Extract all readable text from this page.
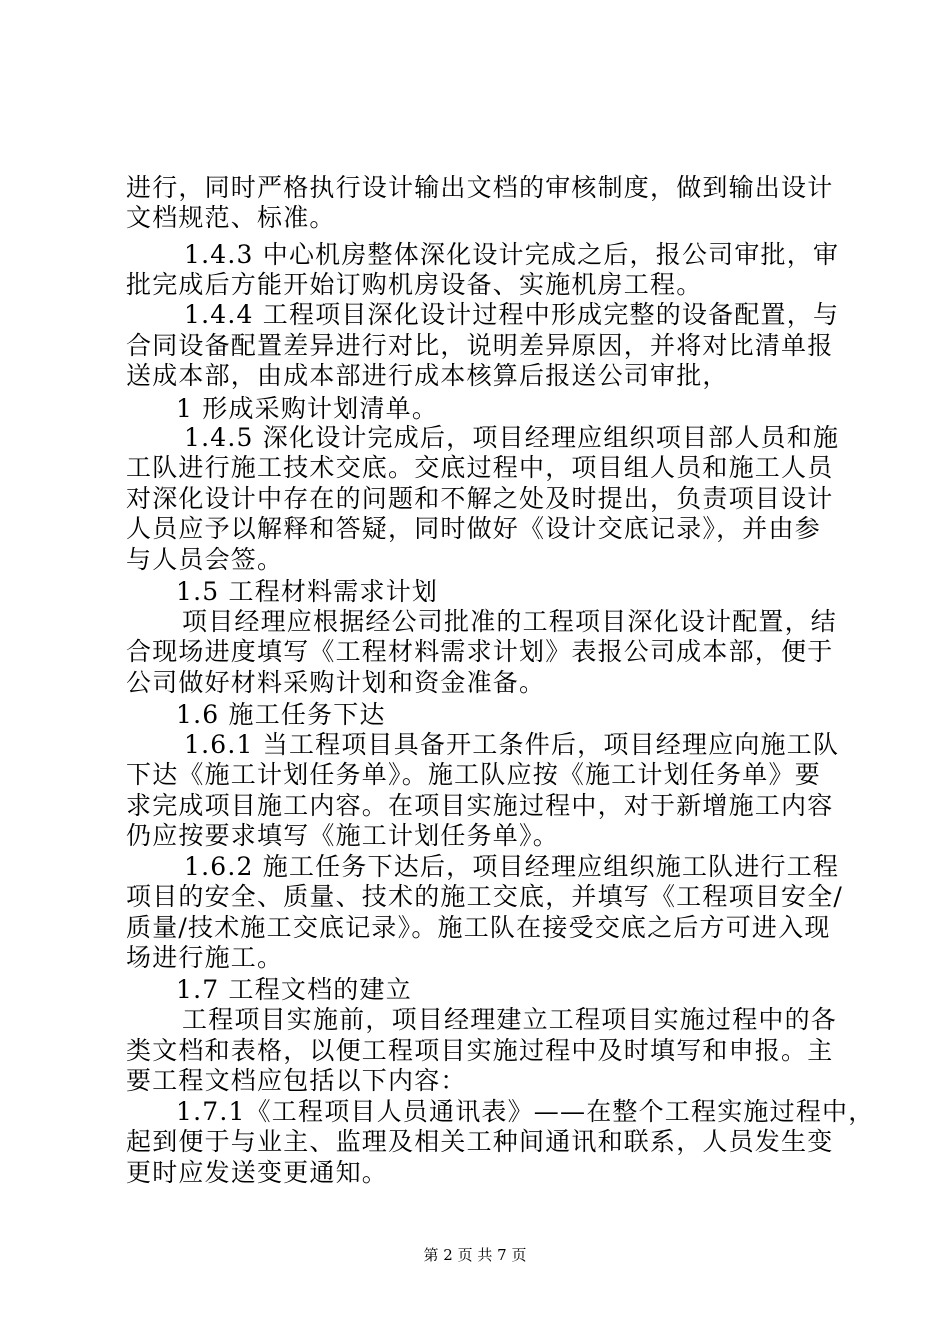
进行，同时严格执行设计输出文档的审核制度，做到输出设计
文档规范、标准。
1.4.3 中心机房整体深化设计完成之后，报公司审批，审
批完成后方能开始订购机房设备、实施机房工程。
1.4.4 工程项目深化设计过程中形成完整的设备配置，与
合同设备配置差异进行对比，说明差异原因，并将对比清单报
送成本部，由成本部进行成本核算后报送公司审批，
1 形成采购计划清单。
1.4.5 深化设计完成后，项目经理应组织项目部人员和施
工队进行施工技术交底。交底过程中，项目组人员和施工人员
对深化设计中存在的问题和不解之处及时提出，负责项目设计
人员应予以解释和答疑，同时做好《设计交底记录》，并由参
与人员会签。
1.5 工程材料需求计划
项目经理应根据经公司批准的工程项目深化设计配置，结
合现场进度填写《工程材料需求计划》表报公司成本部，便于
公司做好材料采购计划和资金准备。
1.6 施工任务下达
1.6.1 当工程项目具备开工条件后，项目经理应向施工队
下达《施工计划任务单》。施工队应按《施工计划任务单》要
求完成项目施工内容。在项目实施过程中，对于新增施工内容
仍应按要求填写《施工计划任务单》。
1.6.2 施工任务下达后，项目经理应组织施工队进行工程
项目的安全、质量、技术的施工交底，并填写《工程项目安全/
质量/技术施工交底记录》。施工队在接受交底之后方可进入现
场进行施工。
1.7 工程文档的建立
工程项目实施前，项目经理建立工程项目实施过程中的各
类文档和表格，以便工程项目实施过程中及时填写和申报。主
要工程文档应包括以下内容：
1.7.1《工程项目人员通讯表》——在整个工程实施过程中，
起到便于与业主、监理及相关工种间通讯和联系，人员发生变
更时应发送变更通知。
第 2 页 共 7 页
